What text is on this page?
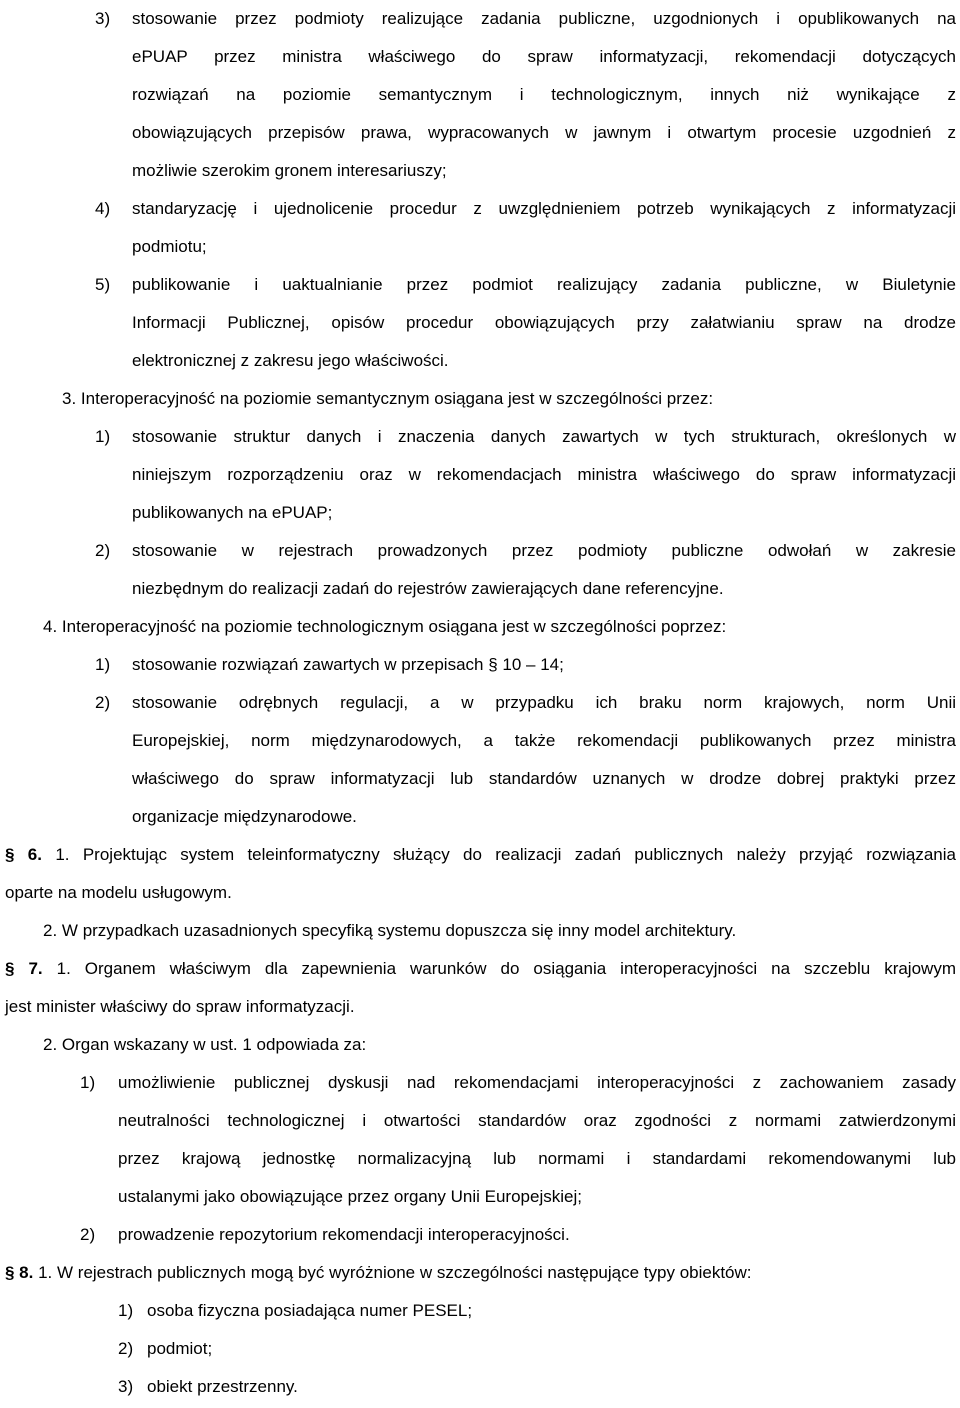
3) stosowanie przez podmioty realizujące zadania publiczne, uzgodnionych i opublikowanych na
ePUAP przez ministra właściwego do spraw informatyzacji, rekomendacji dotyczących
rozwiązań na poziomie semantycznym i technologicznym, innych niż wynikające z
obowiązujących przepisów prawa, wypracowanych w jawnym i otwartym procesie uzgodnień z
możliwie szerokim gronem interesariuszy;
4) standaryzację i ujednolicenie procedur z uwzględnieniem potrzeb wynikających z informatyzacji
podmiotu;
5) publikowanie i uaktualnianie przez podmiot realizujący zadania publiczne, w Biuletynie
Informacji Publicznej, opisów procedur obowiązujących przy załatwianiu spraw na drodze
elektronicznej z zakresu jego właściwości.
3. Interoperacyjność na poziomie semantycznym osiągana jest w szczególności przez:
1) stosowanie struktur danych i znaczenia danych zawartych w tych strukturach, określonych w
niniejszym rozporządzeniu oraz w rekomendacjach ministra właściwego do spraw informatyzacji
publikowanych na ePUAP;
2) stosowanie w rejestrach prowadzonych przez podmioty publiczne odwołań w zakresie
niezbędnym do realizacji zadań do rejestrów zawierających dane referencyjne.
4. Interoperacyjność na poziomie technologicznym osiągana jest w szczególności poprzez:
1) stosowanie rozwiązań zawartych w przepisach § 10 – 14;
2) stosowanie odrębnych regulacji, a w przypadku ich braku norm krajowych, norm Unii
Europejskiej, norm międzynarodowych, a także rekomendacji publikowanych przez ministra
właściwego do spraw informatyzacji lub standardów uznanych w drodze dobrej praktyki przez
organizacje międzynarodowe.
§ 6. 1. Projektując system teleinformatyczny służący do realizacji zadań publicznych należy przyjąć rozwiązania
oparte na modelu usługowym.
2. W przypadkach uzasadnionych specyfiką systemu dopuszcza się inny model architektury.
§ 7. 1. Organem właściwym dla zapewnienia warunków do osiągania interoperacyjności na szczeblu krajowym
jest minister właściwy do spraw informatyzacji.
2. Organ wskazany w ust. 1 odpowiada za:
1) umożliwienie publicznej dyskusji nad rekomendacjami interoperacyjności z zachowaniem zasady
neutralności technologicznej i otwartości standardów oraz zgodności z normami zatwierdzonymi
przez krajową jednostkę normalizacyjną lub normami i standardami rekomendowanymi lub
ustalanymi jako obowiązujące przez organy Unii Europejskiej;
2) prowadzenie repozytorium rekomendacji interoperacyjności.
§ 8. 1. W rejestrach publicznych mogą być wyróżnione w szczególności następujące typy obiektów:
1) osoba fizyczna posiadająca numer PESEL;
2) podmiot;
3) obiekt przestrzenny.
